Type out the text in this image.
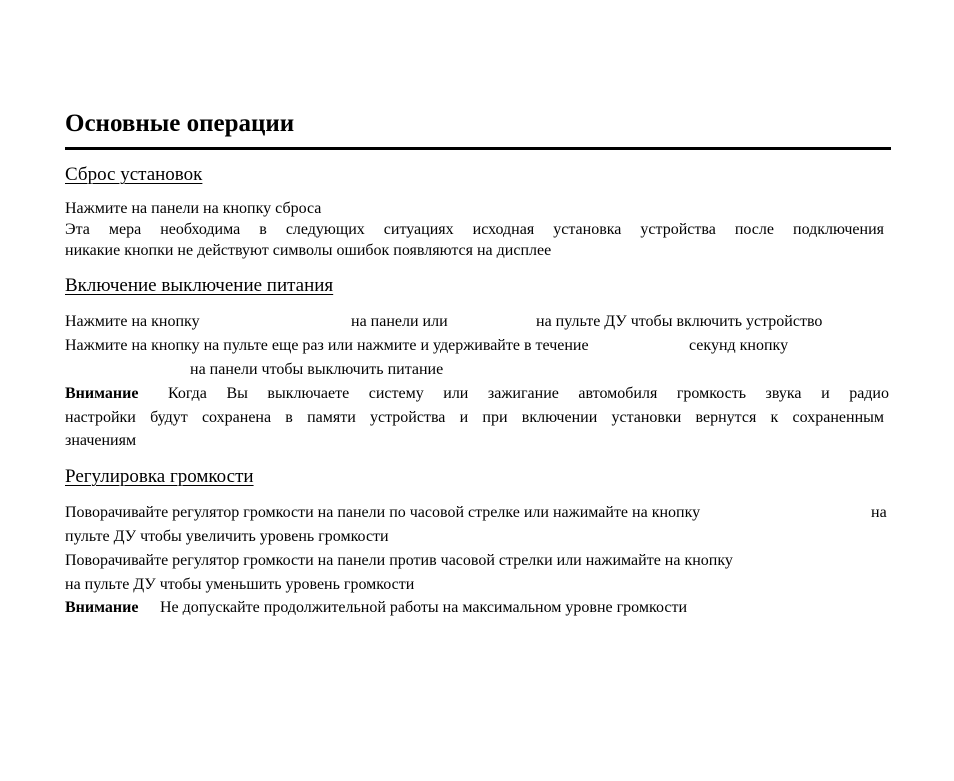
Основные операции
Сброс установок
Нажмите на панели на кнопку сброса
Эта мера необходима в следующих ситуациях исходная установка устройства после подключения
никакие кнопки не действуют символы ошибок появляются на дисплее
Включение выключение питания
Нажмите на кнопку	на панели или	на пульте ДУ чтобы включить устройство
Нажмите на кнопку на пульте еще раз или нажмите и удерживайте в течение	секунд кнопку
на панели чтобы выключить питание
Внимание Когда Вы выключаете систему или зажигание автомобиля громкость звука и радио
настройки будут сохранена в памяти устройства и при включении установки вернутся к сохраненным
значениям
Регулировка громкости
Поворачивайте регулятор громкости на панели по часовой стрелке или нажимайте на кнопку	на
пульте ДУ чтобы увеличить уровень громкости
Поворачивайте регулятор громкости на панели против часовой стрелки или нажимайте на кнопку
на пульте ДУ чтобы уменьшить уровень громкости
Внимание Не допускайте продолжительной работы на максимальном уровне громкости
